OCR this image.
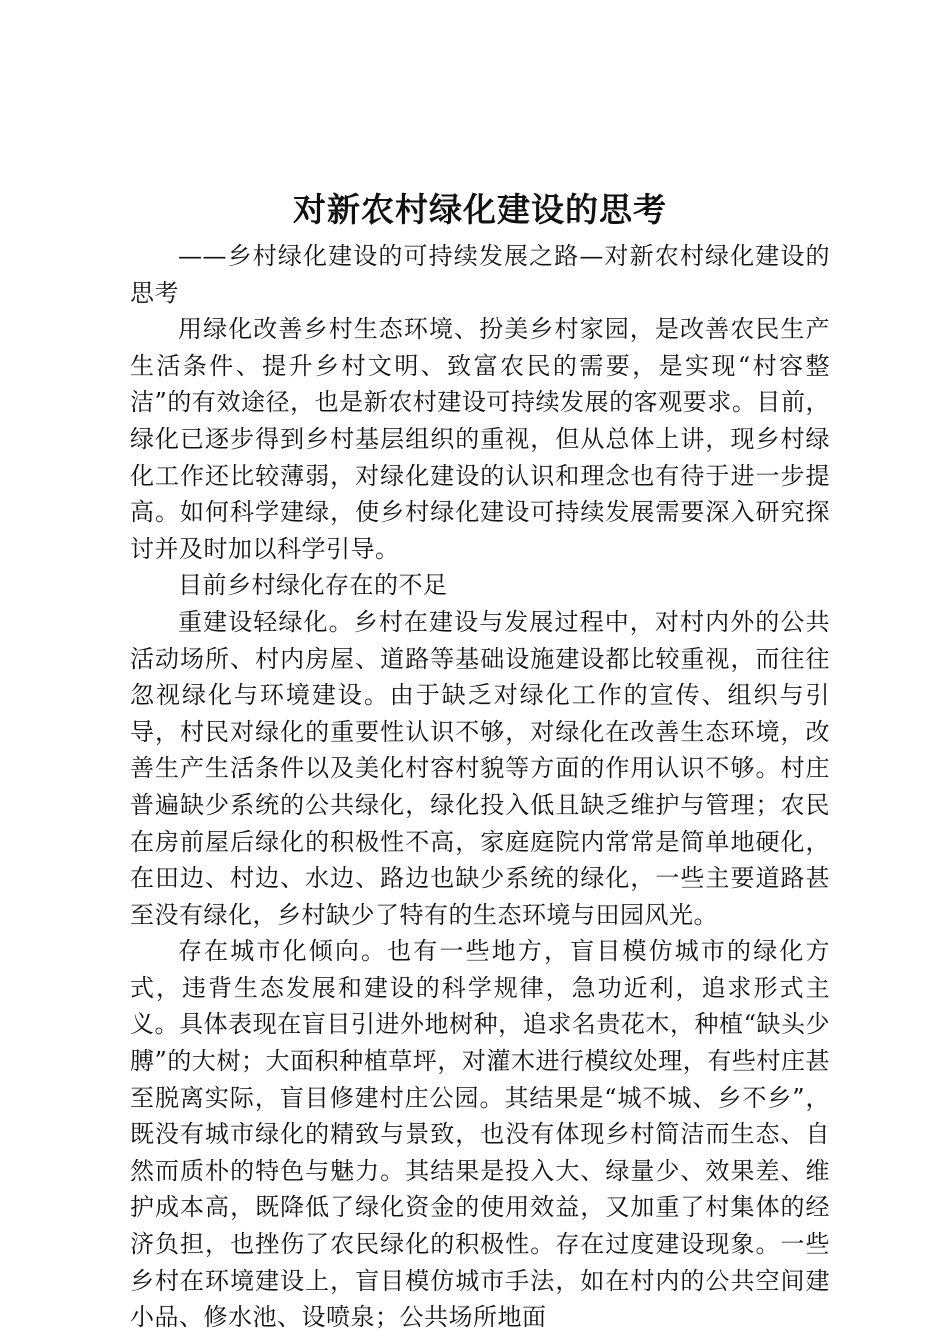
对新农村绿化建设的思考

——乡村绿化建设的可持续发展之路—对新农村绿化建设的思考

用绿化改善乡村生态环境、扮美乡村家园，是改善农民生产生活条件、提升乡村文明、致富农民的需要，是实现“村容整洁”的有效途径，也是新农村建设可持续发展的客观要求。目前，绿化已逐步得到乡村基层组织的重视，但从总体上讲，现乡村绿化工作还比较薄弱，对绿化建设的认识和理念也有待于进一步提高。如何科学建绿，使乡村绿化建设可持续发展需要深入研究探讨并及时加以科学引导。

目前乡村绿化存在的不足

重建设轻绿化。乡村在建设与发展过程中，对村内外的公共活动场所、村内房屋、道路等基础设施建设都比较重视，而往往忽视绿化与环境建设。由于缺乏对绿化工作的宣传、组织与引导，村民对绿化的重要性认识不够，对绿化在改善生态环境，改善生产生活条件以及美化村容村貌等方面的作用认识不够。村庄普遍缺少系统的公共绿化，绿化投入低且缺乏维护与管理；农民在房前屋后绿化的积极性不高，家庭庭院内常常是简单地硬化，在田边、村边、水边、路边也缺少系统的绿化，一些主要道路甚至没有绿化，乡村缺少了特有的生态环境与田园风光。

存在城市化倾向。也有一些地方，盲目模仿城市的绿化方式，违背生态发展和建设的科学规律，急功近利，追求形式主义。具体表现在盲目引进外地树种，追求名贵花木，种植“缺头少膊”的大树；大面积种植草坪，对灌木进行模纹处理，有些村庄甚至脱离实际，盲目修建村庄公园。其结果是“城不城、乡不乡”，既没有城市绿化的精致与景致，也没有体现乡村简洁而生态、自然而质朴的特色与魅力。其结果是投入大、绿量少、效果差、维护成本高，既降低了绿化资金的使用效益，又加重了村集体的经济负担，也挫伤了农民绿化的积极性。存在过度建设现象。一些乡村在环境建设上，盲目模仿城市手法，如在村内的公共空间建小品、修水池、设喷泉；公共场所地面
